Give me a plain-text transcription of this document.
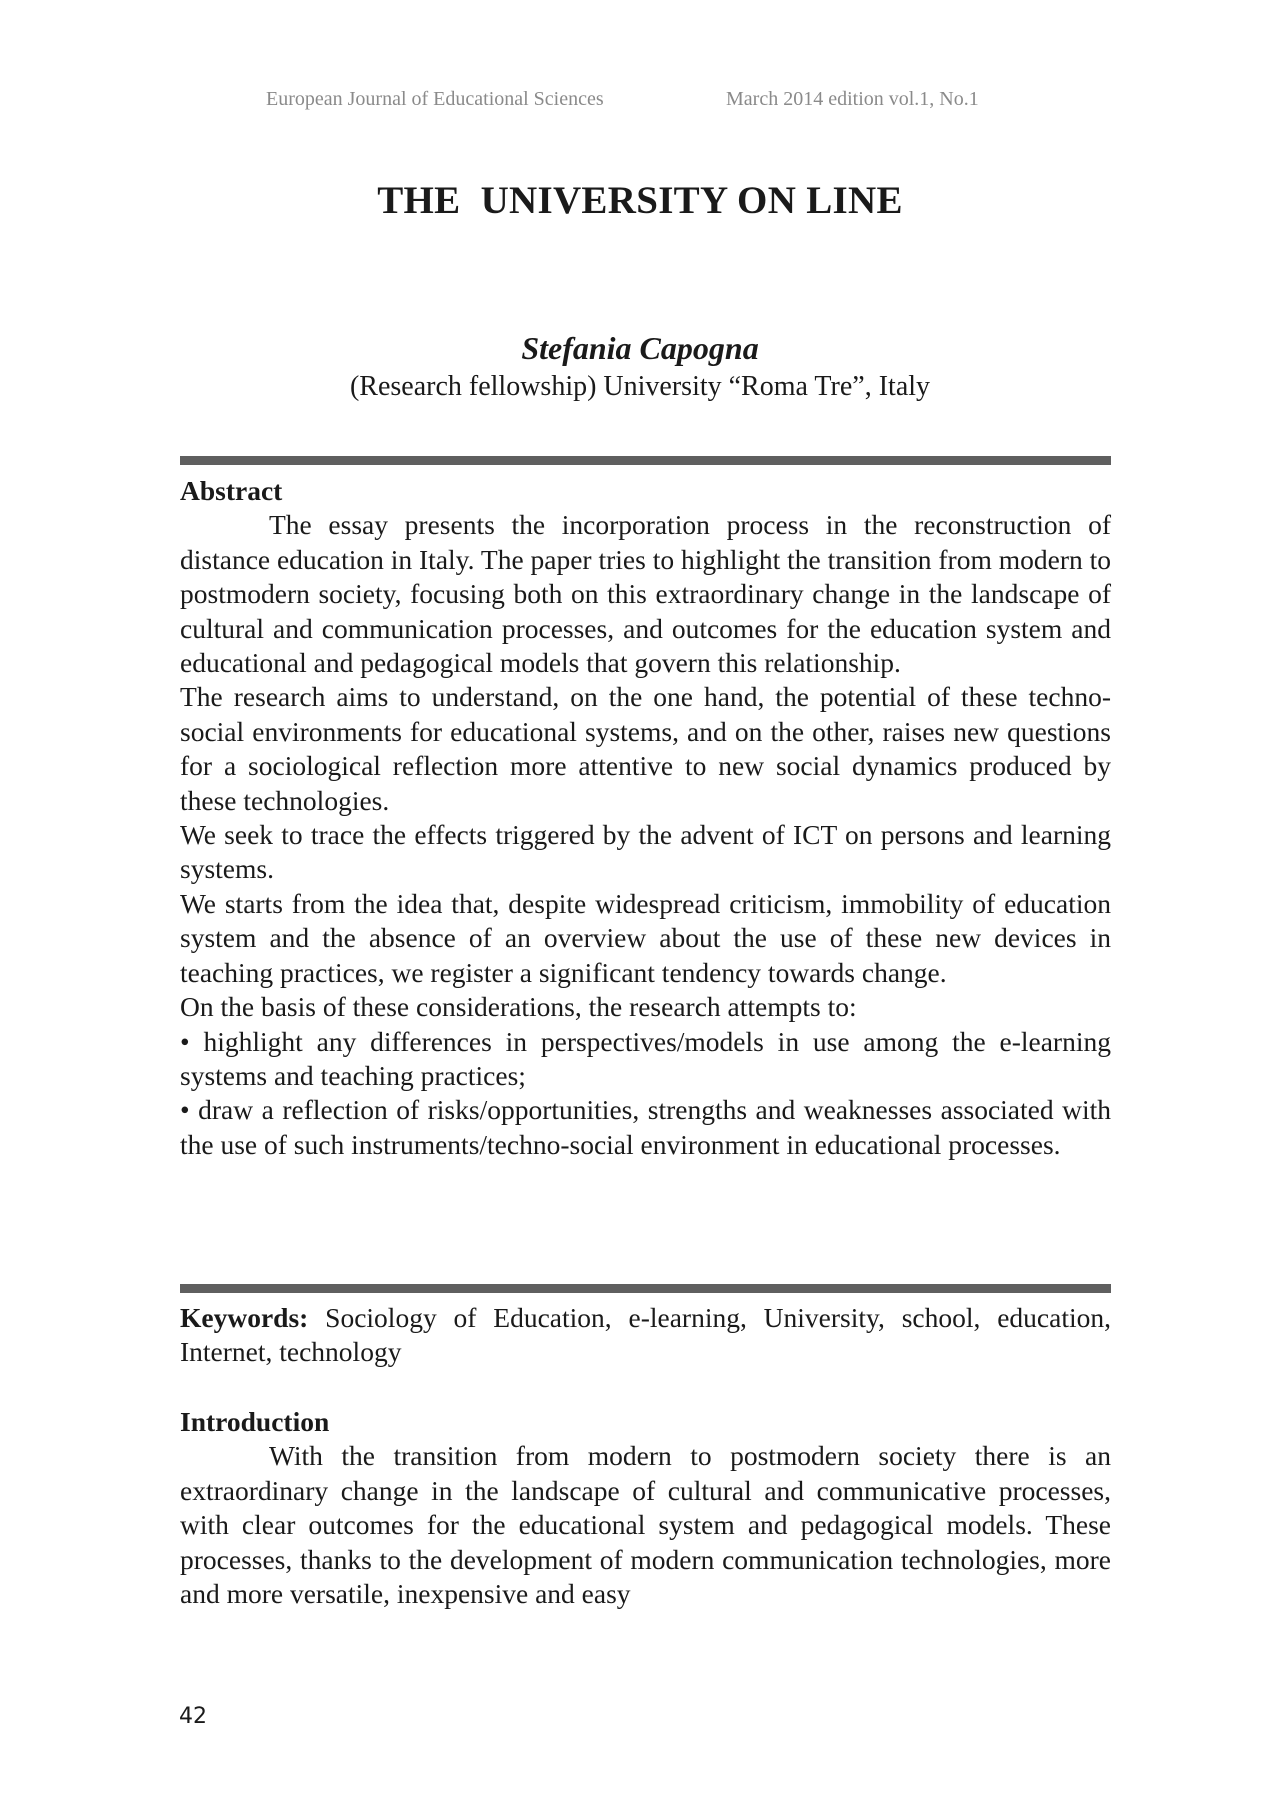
European Journal of Educational Sciences	March 2014 edition vol.1, No.1
THE  UNIVERSITY ON LINE
Stefania Capogna
(Research fellowship) University “Roma Tre”, Italy

Abstract

The essay presents the incorporation process in the reconstruction of distance education in Italy. The paper tries to highlight the transition from modern to postmodern society, focusing both on this extraordinary change in the landscape of cultural and communication processes, and outcomes for the education system and educational and pedagogical models that govern this relationship.

The research aims to understand, on the one hand, the potential of these techno-social environments for educational systems, and on the other, raises new questions for a sociological reflection more attentive to new social dynamics produced by these technologies.

We seek to trace the effects triggered by the advent of ICT on persons and learning systems.

We starts from the idea that, despite widespread criticism, immobility of education system and the absence of an overview about the use of these new devices in teaching practices, we register a significant tendency towards change.

On the basis of these considerations, the research attempts to:

• highlight any differences in perspectives/models in use among the e-learning systems and teaching practices;

• draw a reflection of risks/opportunities, strengths and weaknesses associated with the use of such instruments/techno-social environment in educational processes.

Keywords: Sociology of Education, e-learning, University, school, education, Internet, technology

Introduction

With the transition from modern to postmodern society there is an extraordinary change in the landscape of cultural and communicative processes, with clear outcomes for the educational system and pedagogical models. These processes, thanks to the development of modern communication technologies, more and more versatile, inexpensive and easy

42
